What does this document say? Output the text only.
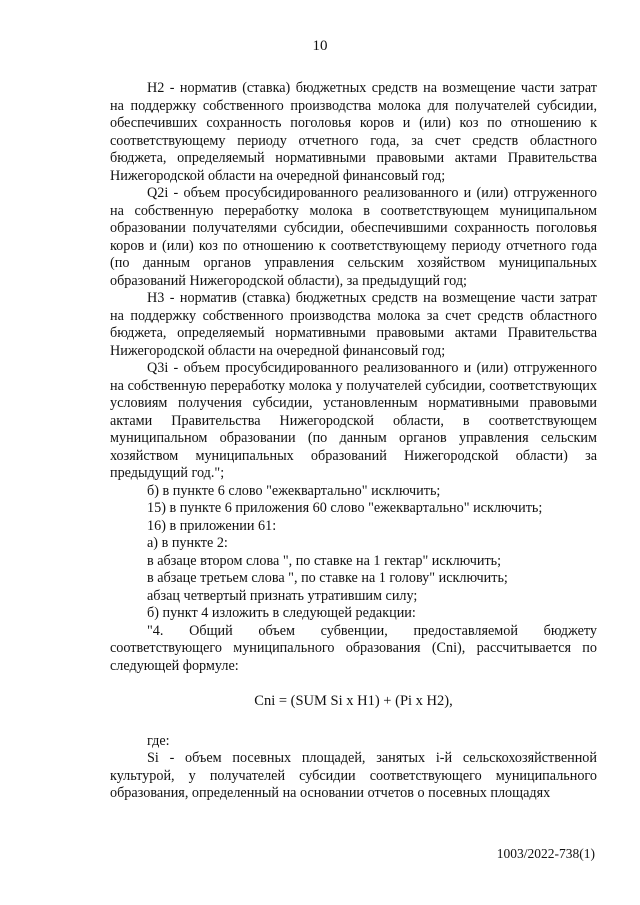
10

Н2 - норматив (ставка) бюджетных средств на возмещение части затрат на поддержку собственного производства молока для получателей субсидии, обеспечивших сохранность поголовья коров и (или) коз по отношению к соответствующему периоду отчетного года, за счет средств областного бюджета, определяемый нормативными правовыми актами Правительства Нижегородской области на очередной финансовый год;

Q2i - объем просубсидированного реализованного и (или) отгруженного на собственную переработку молока в соответствующем муниципальном образовании получателями субсидии, обеспечившими сохранность поголовья коров и (или) коз по отношению к соответствующему периоду отчетного года (по данным органов управления сельским хозяйством муниципальных образований Нижегородской области), за предыдущий год;

Н3 - норматив (ставка) бюджетных средств на возмещение части затрат на поддержку собственного производства молока за счет средств областного бюджета, определяемый нормативными правовыми актами Правительства Нижегородской области на очередной финансовый год;

Q3i - объем просубсидированного реализованного и (или) отгруженного на собственную переработку молока у получателей субсидии, соответствующих условиям получения субсидии, установленным нормативными правовыми актами Правительства Нижегородской области, в соответствующем муниципальном образовании (по данным органов управления сельским хозяйством муниципальных образований Нижегородской области) за предыдущий год.";

б) в пункте 6 слово "ежеквартально" исключить;

15) в пункте 6 приложения 60 слово "ежеквартально" исключить;

16) в приложении 61:

а) в пункте 2:

в абзаце втором слова ", по ставке на 1 гектар" исключить;

в абзаце третьем слова ", по ставке на 1 голову" исключить;

абзац четвертый признать утратившим силу;

б) пункт 4 изложить в следующей редакции:

"4. Общий объем субвенции, предоставляемой бюджету соответствующего муниципального образования (Cni), рассчитывается по следующей формуле:

Cni = (SUM Si х Н1) + (Pi х Н2),

где:

Si - объем посевных площадей, занятых i-й сельскохозяйственной культурой, у получателей субсидии соответствующего муниципального образования, определенный на основании отчетов о посевных площадях

1003/2022-738(1)
